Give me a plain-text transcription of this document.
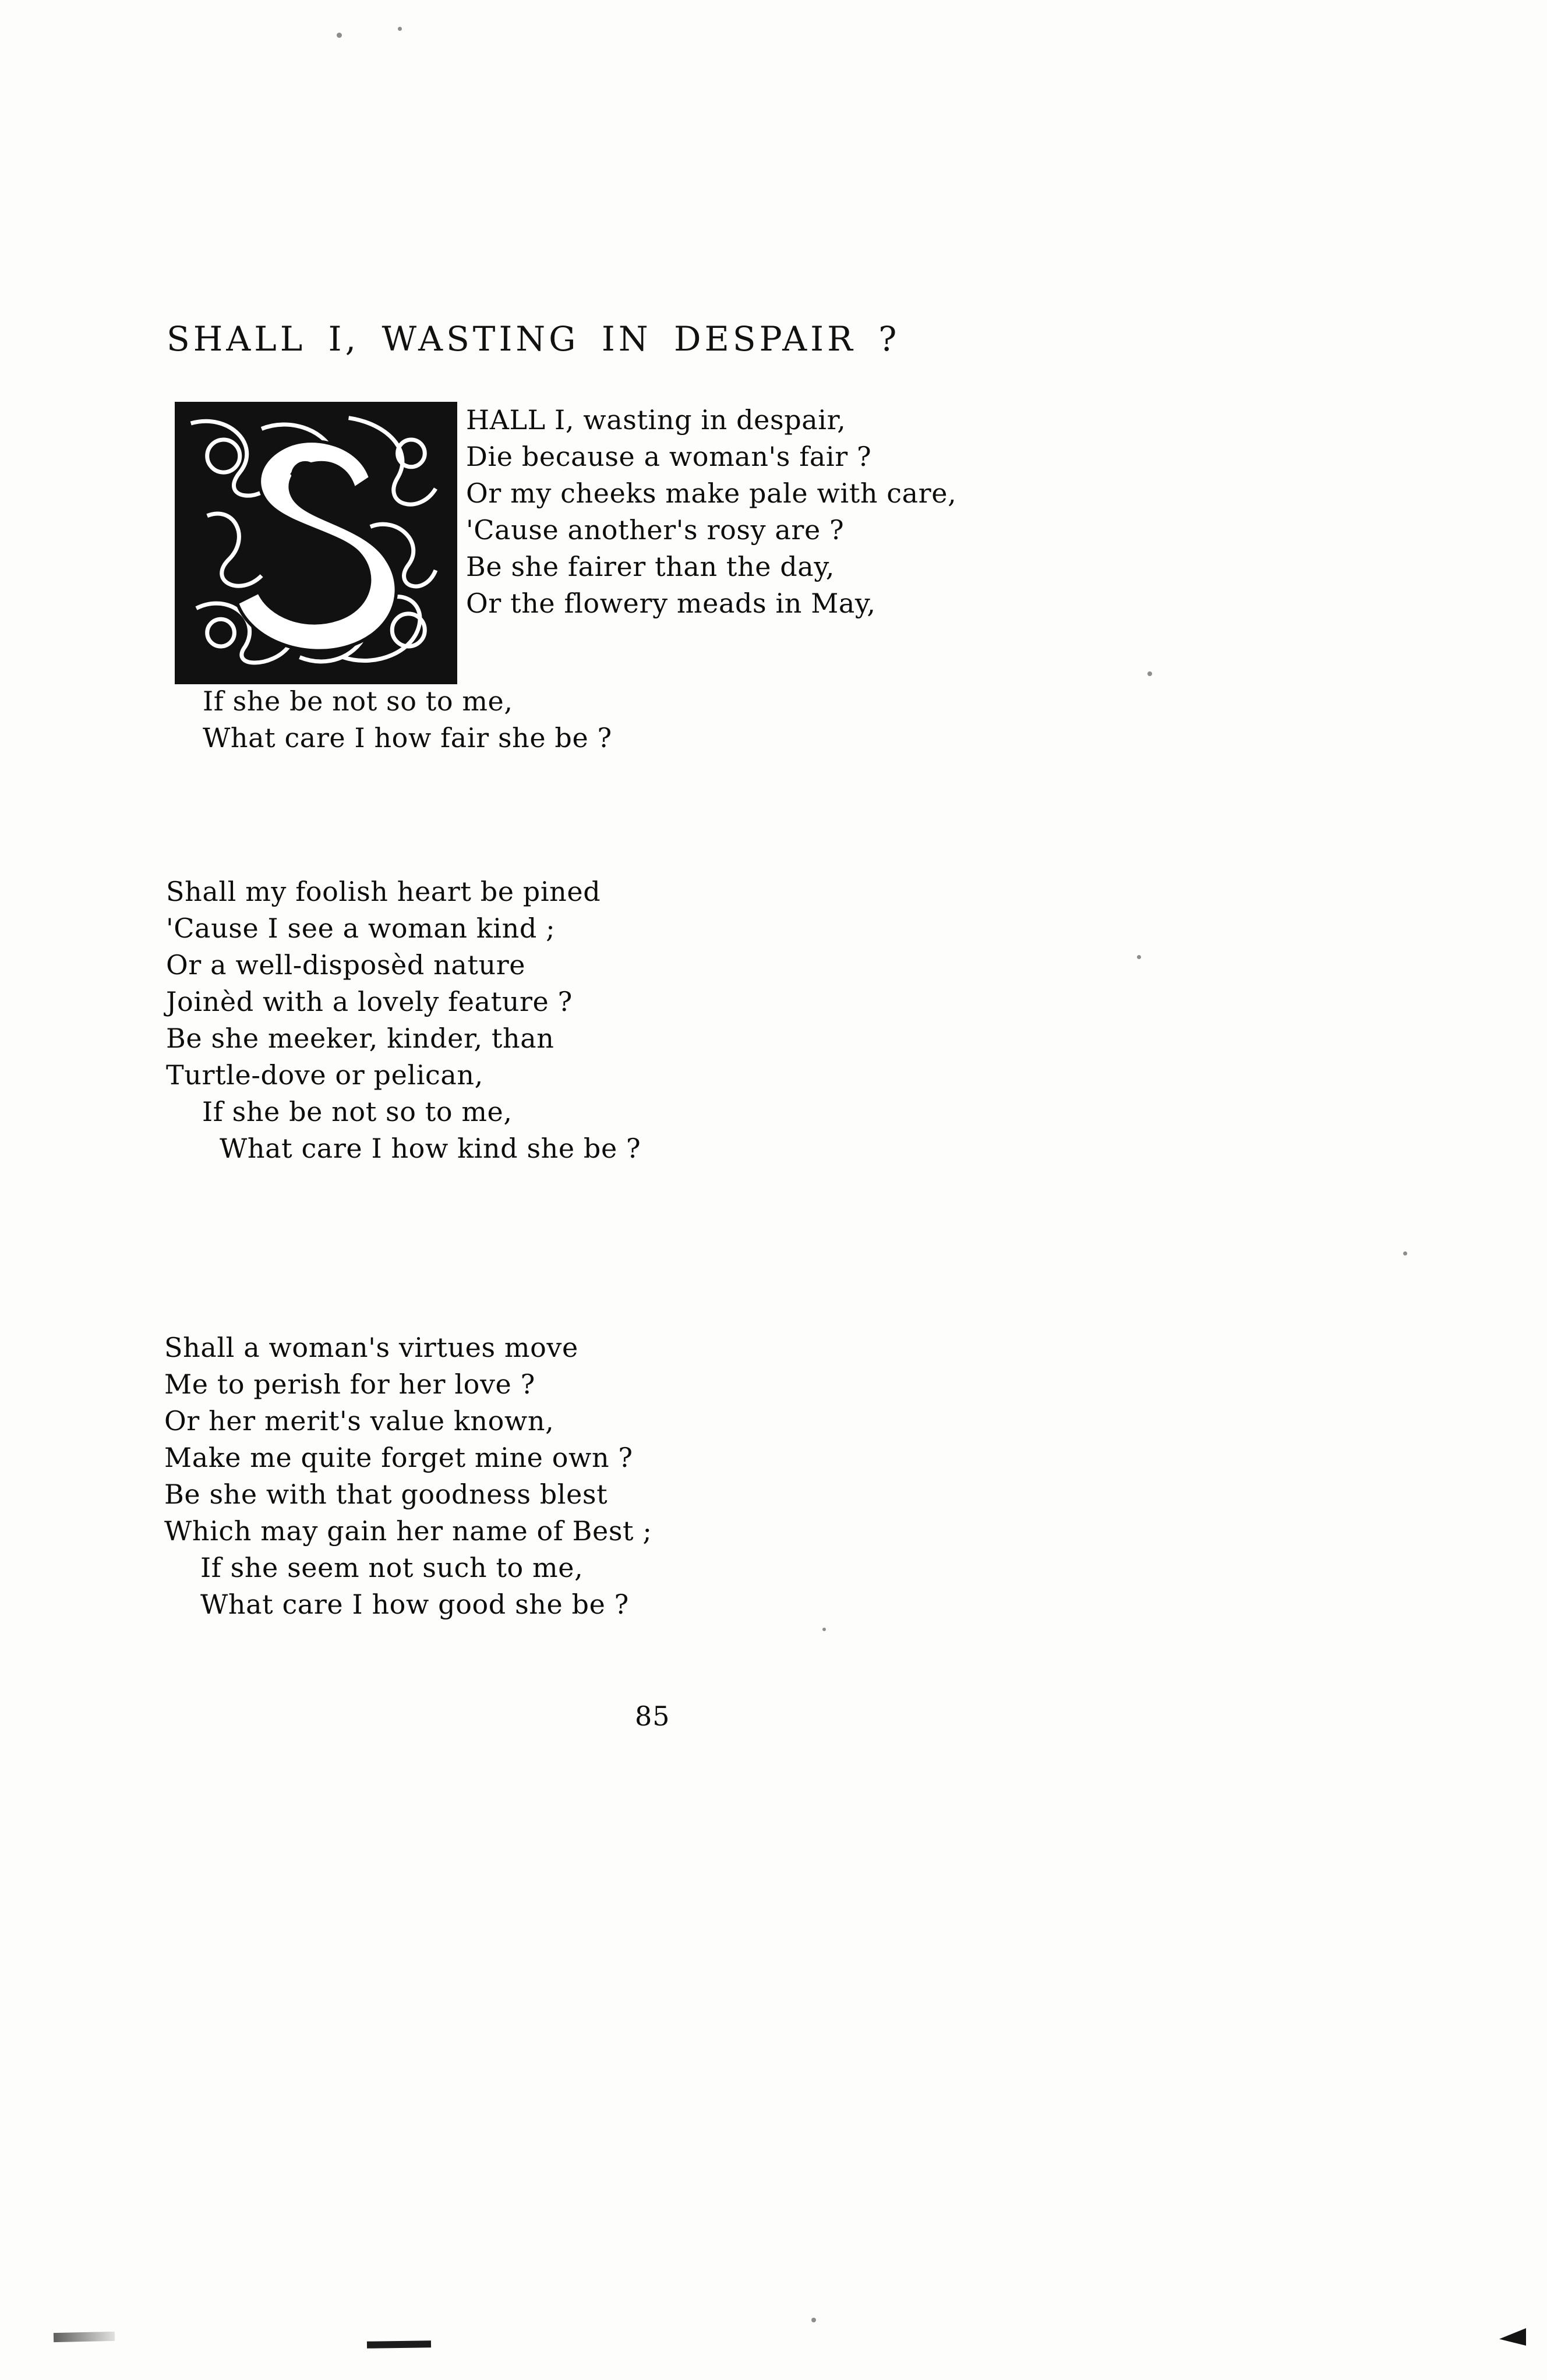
SHALL I, WASTING IN DESPAIR ?
HALL I, wasting in despair,
Die because a woman's fair ?
Or my cheeks make pale with care,
'Cause another's rosy are ?
Be she fairer than the day,
Or the flowery meads in May,
If she be not so to me,
What care I how fair she be ?
Shall my foolish heart be pined
'Cause I see a woman kind ;
Or a well-disposèd nature
Joinèd with a lovely feature ?
Be she meeker, kinder, than
Turtle-dove or pelican,
If she be not so to me,
What care I how kind she be ?
Shall a woman's virtues move
Me to perish for her love ?
Or her merit's value known,
Make me quite forget mine own ?
Be she with that goodness blest
Which may gain her name of Best ;
If she seem not such to me,
What care I how good she be ?
85
